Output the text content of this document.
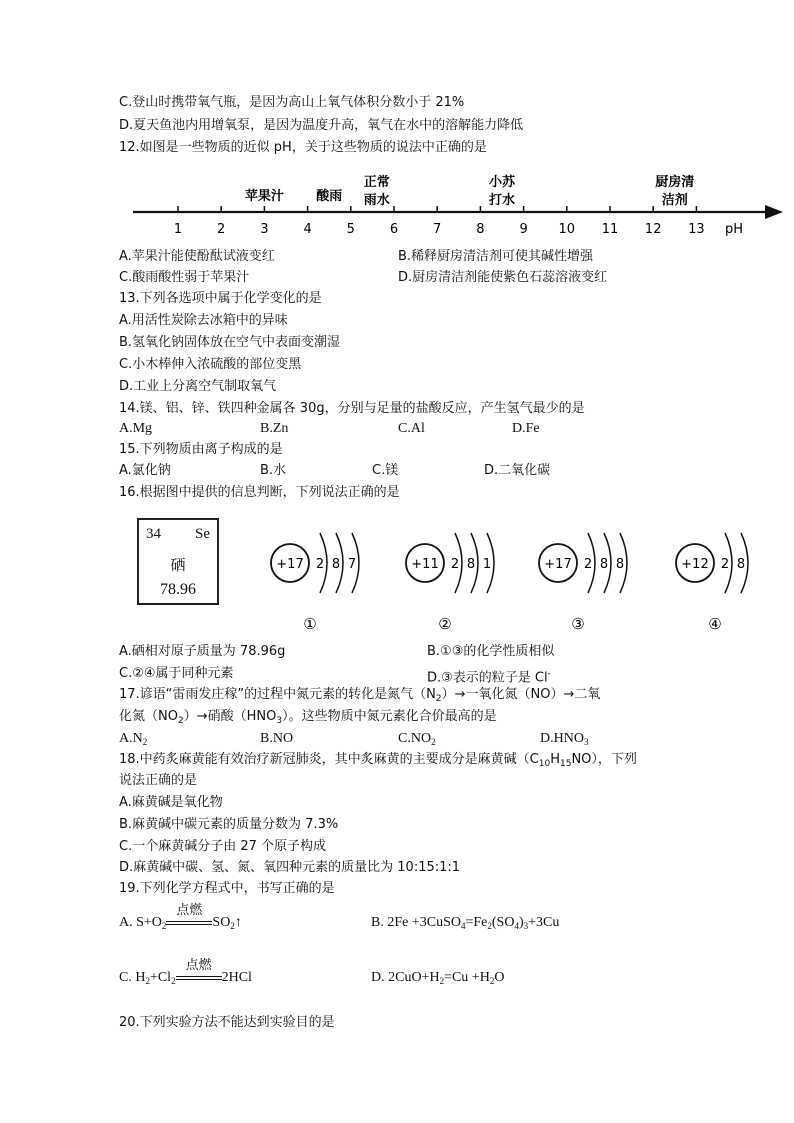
C.登山时携带氧气瓶，是因为高山上氧气体积分数小于 21%
D.夏天鱼池内用增氧泵，是因为温度升高，氧气在水中的溶解能力降低
12.如图是一些物质的近似 pH，关于这些物质的说法中正确的是
1	2	3	4	5	6	7	8	9 10 11 12 13
苹果汁 酸雨
正常
雨水
小苏
打水
厨房清
洁剂
pH
A.苹果汁能使酚酞试液变红	B.稀释厨房清洁剂可使其碱性增强
C.酸雨酸性弱于苹果汁	D.厨房清洁剂能使紫色石蕊溶液变红
13.下列各选项中属于化学变化的是
A.用活性炭除去冰箱中的异味
B.氢氧化钠固体放在空气中表面变潮湿
C.小木棒伸入浓硫酸的部位变黑
D.工业上分离空气制取氧气
14.镁、铝、锌、铁四种金属各 30g，分别与足量的盐酸反应，产生氢气最少的是
A.Mg	B.Zn	C.Al	D.Fe
15.下列物质由离子构成的是
A.氯化钠	B.水	C.镁	D.二氧化碳
16.根据图中提供的信息判断，下列说法正确的是
34 Se
硒
78.96
+17 2 8 7
①
+11 2 8 1
②
+17 2 8 8
③
+12 2 8
④
A.硒相对原子质量为 78.96g	B.①③的化学性质相似
C.②④属于同种元素	D.③表示的粒子是 Cl-
17.谚语“雷雨发庄稼”的过程中氮元素的转化是氮气$(N_2)\to$一氧化氮（NO）→二氧
化氮$(NO_2)\to$硝酸$(HNO_3)$。这些物质中氮元素化合价最高的是
$A.N_2$	B.NO	$C.NO_2$	$D.HNO_3$
18.中药炙麻黄能有效治疗新冠肺炎，其中炙麻黄的主要成分是麻黄碱$(C_{10}H_{15}NO)$，下列
说法正确的是
A.麻黄碱是氧化物
B.麻黄碱中碳元素的质量分数为 7.3%
C.一个麻黄碱分子由 27 个原子构成
D.麻黄碱中碳、氢、氮、氧四种元素的质量比为 10:15:1:1
19.下列化学方程式中，书写正确的是
A. $S+O_2$
点燃
$SO_2↑$	B. $2Fe +3CuSO_4=Fe_2(SO_4)_3+3Cu$
C. $H_2+Cl_2$
点燃
2HCl	D. $2CuO+H_2=Cu +H_2O$
20.下列实验方法不能达到实验目的是
